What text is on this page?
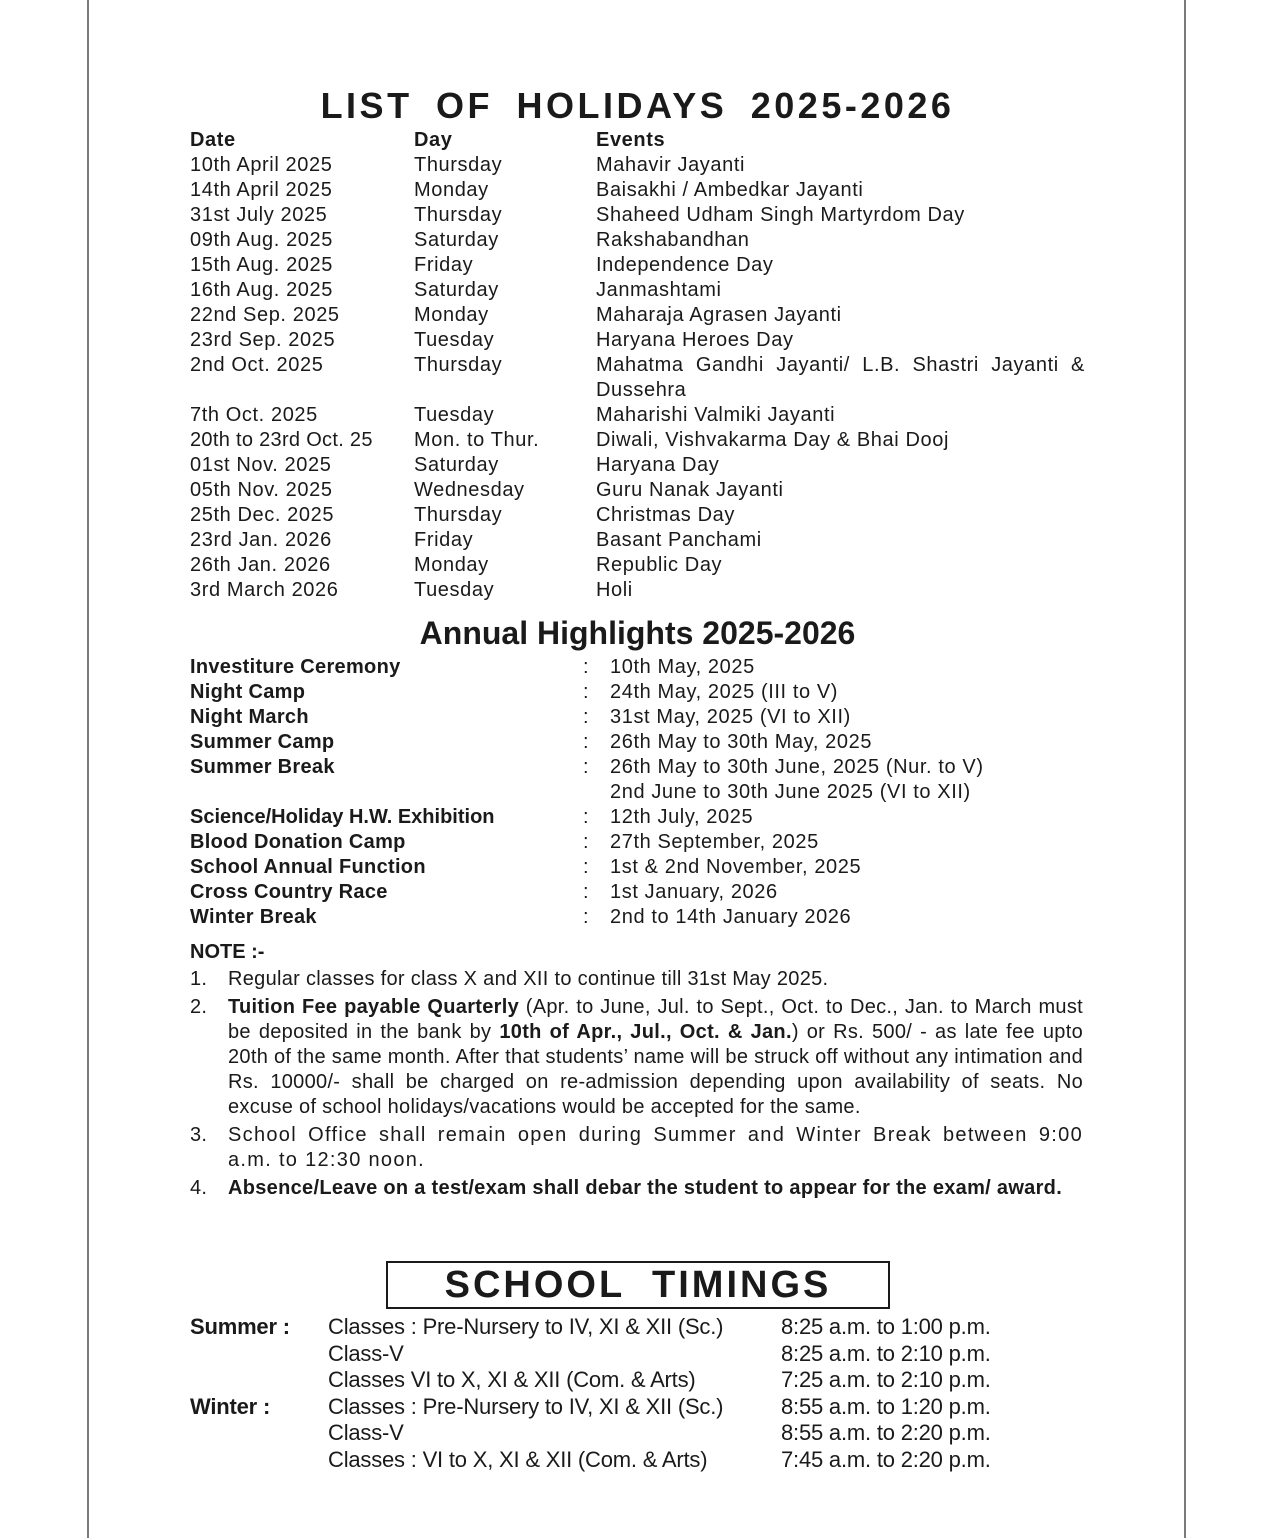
LIST OF HOLIDAYS 2025-2026
Date	Day	Events
10th April 2025	Thursday	Mahavir Jayanti
14th April 2025	Monday	Baisakhi / Ambedkar Jayanti
31st July 2025	Thursday	Shaheed Udham Singh Martyrdom Day
09th Aug. 2025	Saturday	Rakshabandhan
15th Aug. 2025	Friday	Independence Day
16th Aug. 2025	Saturday	Janmashtami
22nd Sep. 2025	Monday	Maharaja Agrasen Jayanti
23rd Sep. 2025	Tuesday	Haryana Heroes Day
2nd Oct. 2025	Thursday	Mahatma Gandhi Jayanti/ L.B. Shastri Jayanti & Dussehra
7th Oct. 2025	Tuesday	Maharishi Valmiki Jayanti
20th to 23rd Oct. 25	Mon. to Thur.	Diwali, Vishvakarma Day & Bhai Dooj
01st Nov. 2025	Saturday	Haryana Day
05th Nov. 2025	Wednesday	Guru Nanak Jayanti
25th Dec. 2025	Thursday	Christmas Day
23rd Jan. 2026	Friday	Basant Panchami
26th Jan. 2026	Monday	Republic Day
3rd March 2026	Tuesday	Holi
Annual Highlights 2025-2026
Investiture Ceremony	:	10th May, 2025
Night Camp	:	24th May, 2025 (III to V)
Night March	:	31st May, 2025 (VI to XII)
Summer Camp	:	26th May to 30th May, 2025
Summer Break	:	26th May to 30th June, 2025 (Nur. to V)
2nd June to 30th June 2025 (VI to XII)
Science/Holiday H.W. Exhibition	:	12th July, 2025
Blood Donation Camp	:	27th September, 2025
School Annual Function	:	1st & 2nd November, 2025
Cross Country Race	:	1st January, 2026
Winter Break	:	2nd to 14th January 2026
NOTE :-
1.	Regular classes for class X and XII to continue till 31st May 2025.
2.	Tuition Fee payable Quarterly (Apr. to June, Jul. to Sept., Oct. to Dec., Jan. to March must be deposited in the bank by 10th of Apr., Jul., Oct. & Jan.) or Rs. 500/ - as late fee upto 20th of the same month. After that students’ name will be struck off without any intimation and Rs. 10000/- shall be charged on re-admission depending upon availability of seats. No excuse of school holidays/vacations would be accepted for the same.
3.	School Office shall remain open during Summer and Winter Break between 9:00 a.m. to 12:30 noon.
4.	Absence/Leave on a test/exam shall debar the student to appear for the exam/ award.
SCHOOL TIMINGS
Summer :	Classes : Pre-Nursery to IV, XI & XII (Sc.)	8:25 a.m. to 1:00 p.m.
Class-V	8:25 a.m. to 2:10 p.m.
Classes VI to X, XI & XII (Com. & Arts)	7:25 a.m. to 2:10 p.m.
Winter :	Classes : Pre-Nursery to IV, XI & XII (Sc.)	8:55 a.m. to 1:20 p.m.
Class-V	8:55 a.m. to 2:20 p.m.
Classes : VI to X, XI & XII (Com. & Arts)	7:45 a.m. to 2:20 p.m.
